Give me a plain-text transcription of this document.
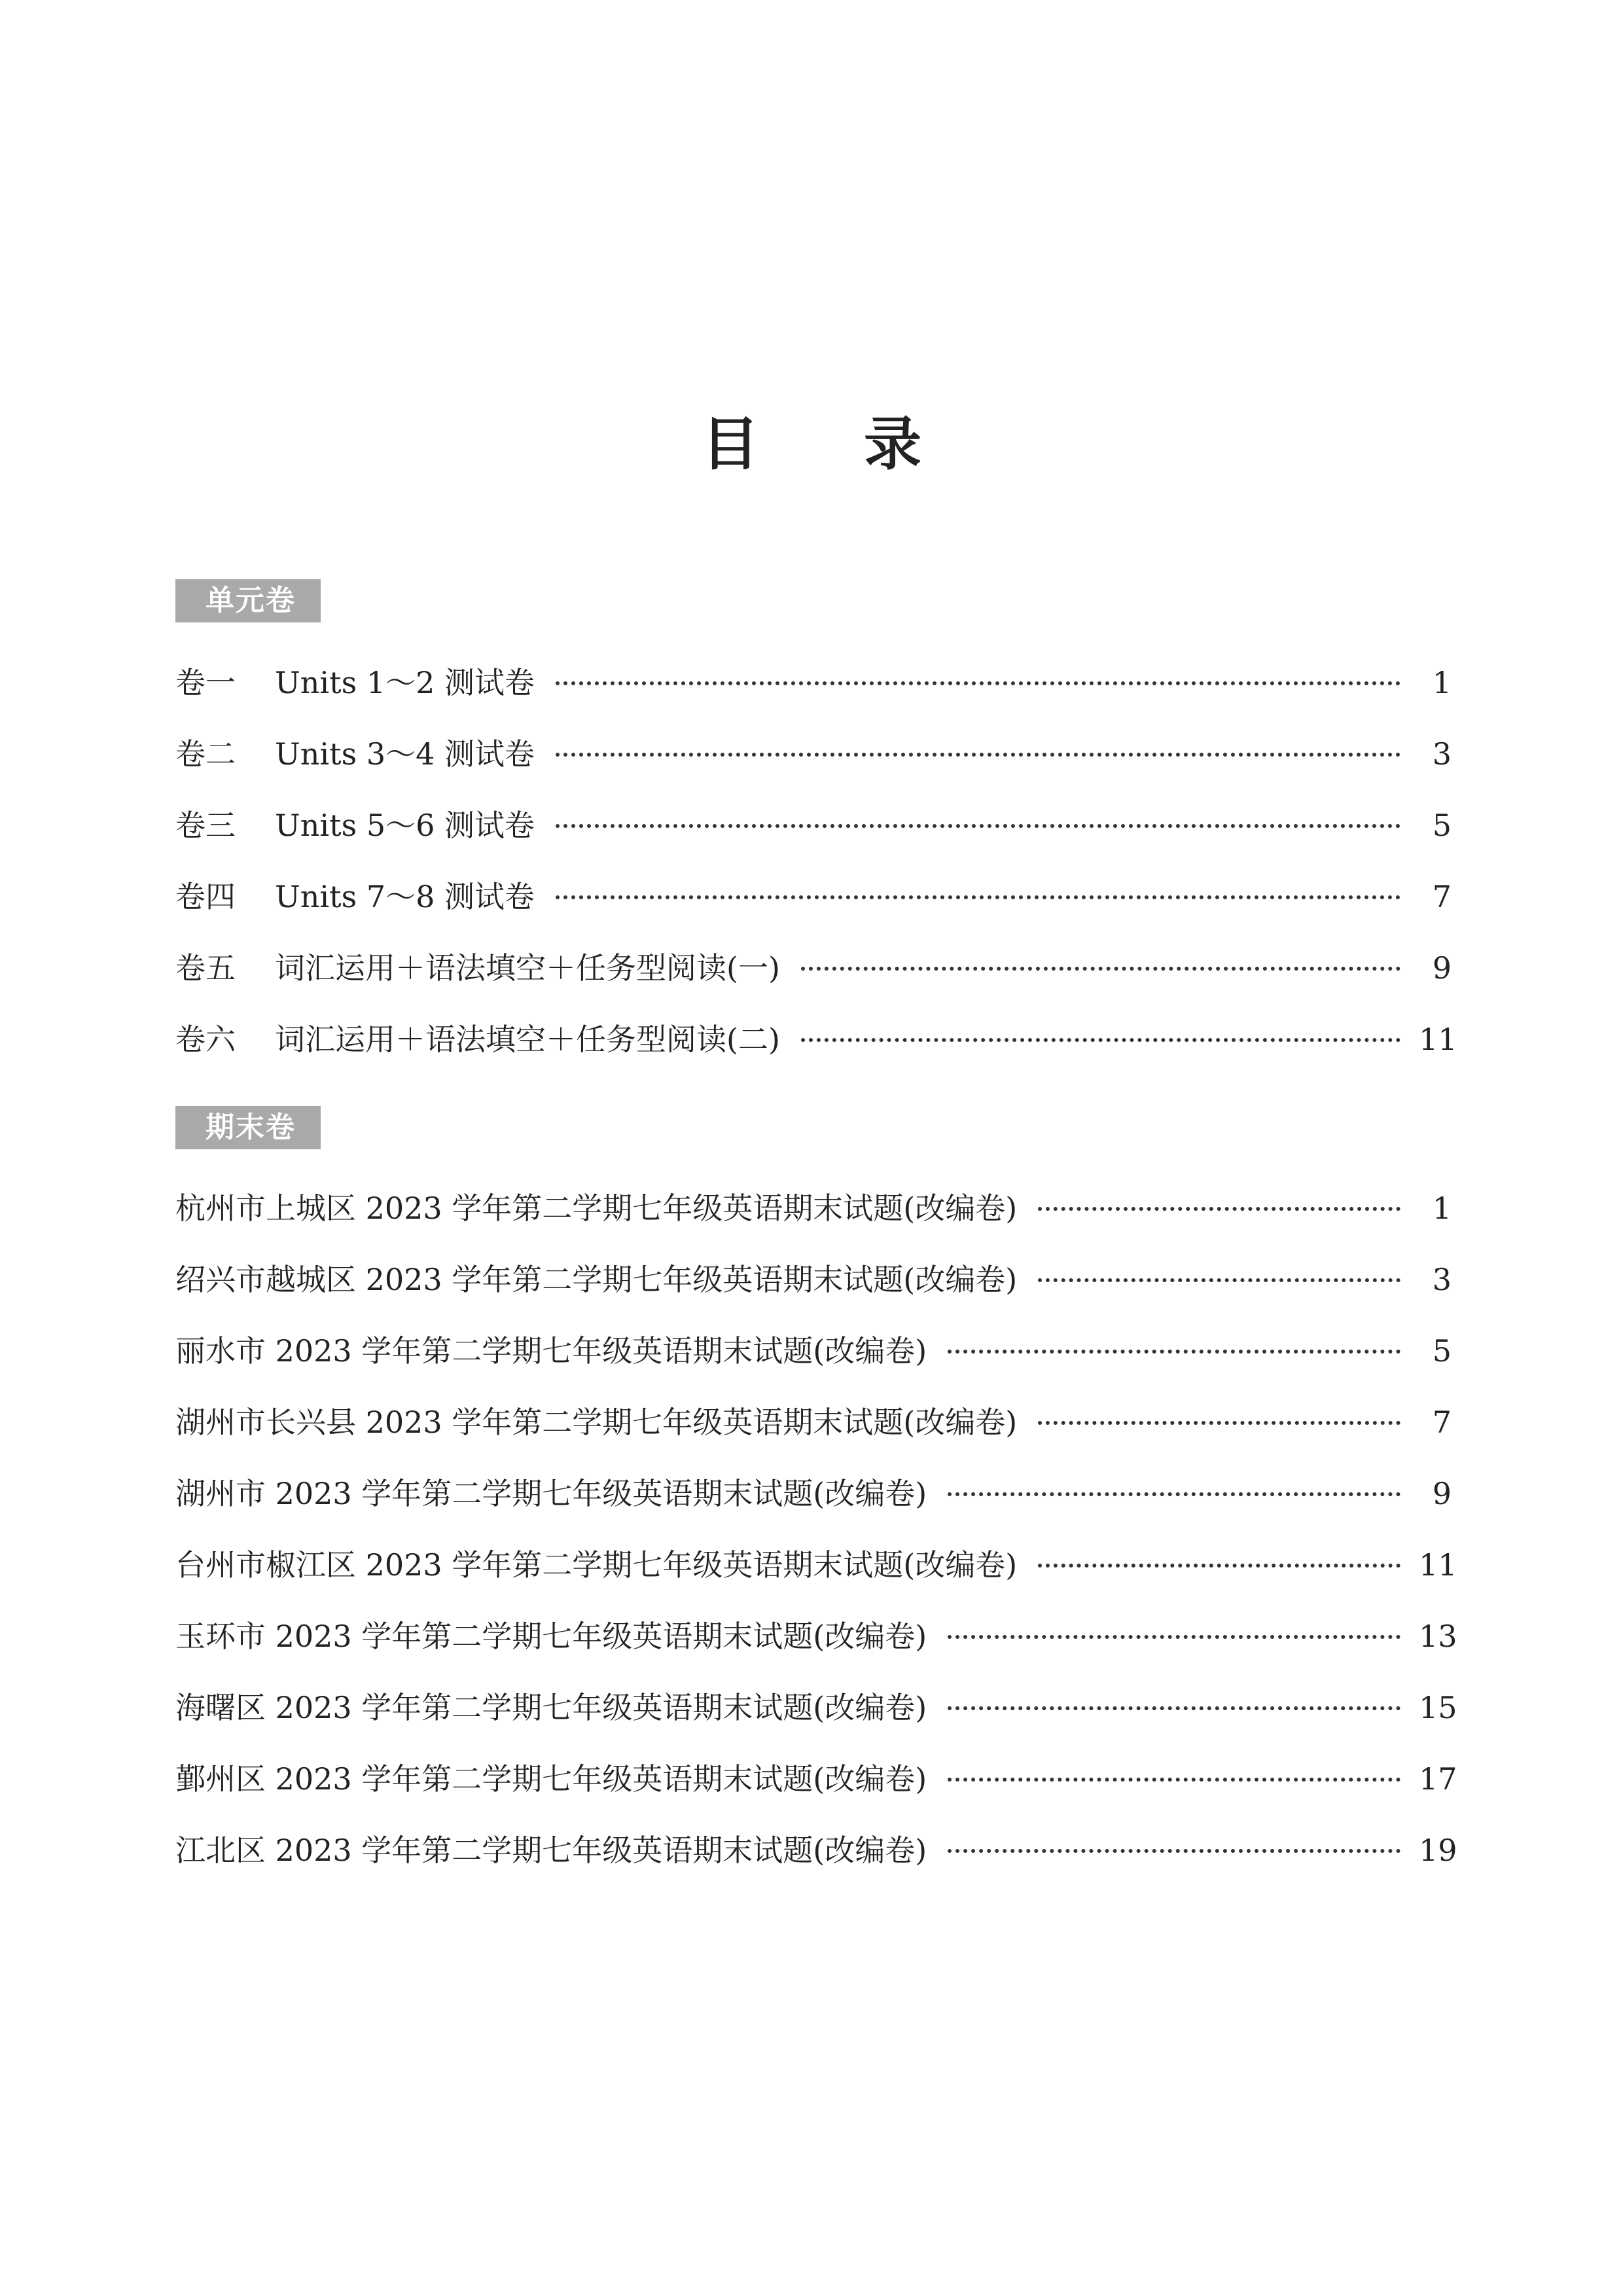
目 录
单元卷
卷一	Units 1～2 测试卷	1
卷二	Units 3～4 测试卷	3
卷三	Units 5～6 测试卷	5
卷四	Units 7～8 测试卷	7
卷五	词汇运用＋语法填空＋任务型阅读(一)	9
卷六	词汇运用＋语法填空＋任务型阅读(二)	11
期末卷
杭州市上城区 2023 学年第二学期七年级英语期末试题(改编卷)	1
绍兴市越城区 2023 学年第二学期七年级英语期末试题(改编卷)	3
丽水市 2023 学年第二学期七年级英语期末试题(改编卷)	5
湖州市长兴县 2023 学年第二学期七年级英语期末试题(改编卷)	7
湖州市 2023 学年第二学期七年级英语期末试题(改编卷)	9
台州市椒江区 2023 学年第二学期七年级英语期末试题(改编卷)	11
玉环市 2023 学年第二学期七年级英语期末试题(改编卷)	13
海曙区 2023 学年第二学期七年级英语期末试题(改编卷)	15
鄞州区 2023 学年第二学期七年级英语期末试题(改编卷)	17
江北区 2023 学年第二学期七年级英语期末试题(改编卷)	19
